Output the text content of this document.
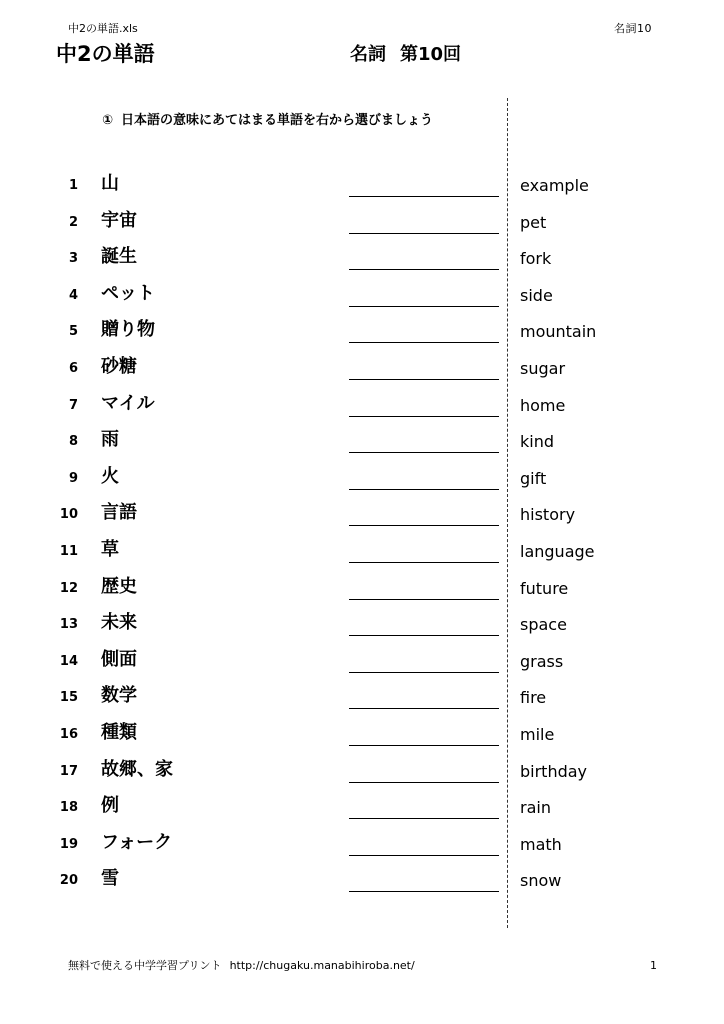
中2の単語.xls	名詞10
中2の単語	名詞 第10回
① 日本語の意味にあてはまる単語を右から選びましょう
1 山	example
2 宇宙	pet
3 誕生	fork
4 ペット	side
5 贈り物	mountain
6 砂糖	sugar
7 マイル	home
8 雨	kind
9 火	gift
10 言語	history
11 草	language
12 歴史	future
13 未来	space
14 側面	grass
15 数学	fire
16 種類	mile
17 故郷、家	birthday
18 例	rain
19 フォーク	math
20 雪	snow
無料で使える中学学習プリント http://chugaku.manabihiroba.net/	1
